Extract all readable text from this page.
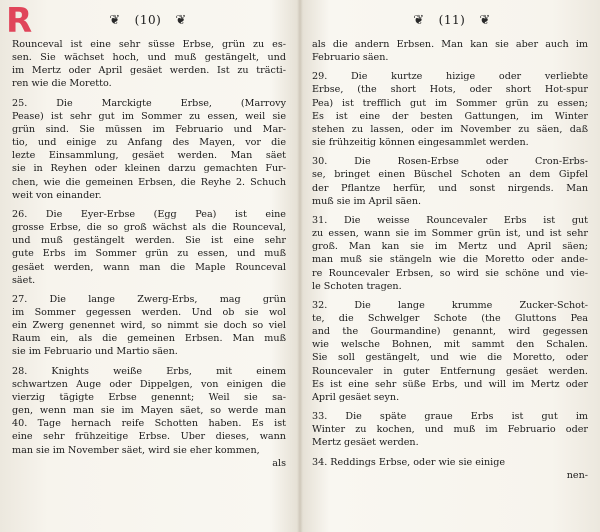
R	❦ (10) ❦
Rounceval ist eine sehr süsse Erbse, grün zu es-
sen. Sie wächset hoch, und muß gestängelt, und
im Mertz oder April gesäet werden. Ist zu träcti-
ren wie die Moretto.
25. Die Marckigte Erbse, (Marrovy
Pease) ist sehr gut im Sommer zu essen, weil sie
grün sind. Sie müssen im Februario und Mar-
tio, und einige zu Anfang des Mayen, vor die
lezte Einsammlung, gesäet werden. Man säet
sie in Reyhen oder kleinen darzu gemachten Fur-
chen, wie die gemeinen Erbsen, die Reyhe 2. Schuch
weit von einander.
26. Die Eyer-Erbse (Egg Pea) ist eine
grosse Erbse, die so groß wächst als die Rounceval,
und muß gestängelt werden. Sie ist eine sehr
gute Erbs im Sommer grün zu essen, und muß
gesäet werden, wann man die Maple Rounceval
säet.
27. Die lange Zwerg-Erbs, mag grün
im Sommer gegessen werden. Und ob sie wol
ein Zwerg genennet wird, so nimmt sie doch so viel
Raum ein, als die gemeinen Erbsen. Man muß
sie im Februario und Martio säen.
28. Knights weiße Erbs, mit einem
schwartzen Auge oder Dippelgen, von einigen die
vierzig tägigte Erbse genennt; Weil sie sa-
gen, wenn man sie im Mayen säet, so werde man
40. Tage hernach reife Schotten haben. Es ist
eine sehr frühzeitige Erbse. Uber dieses, wann
man sie im November säet, wird sie eher kommen,
als
❦ (11) ❦
als die andern Erbsen. Man kan sie aber auch im
Februario säen.
29. Die kurtze hizige oder verliebte
Erbse, (the short Hots, oder short Hot-spur
Pea) ist trefflich gut im Sommer grün zu essen;
Es ist eine der besten Gattungen, im Winter
stehen zu lassen, oder im November zu säen, daß
sie frühzeitig können eingesammlet werden.
30. Die Rosen-Erbse oder Cron-Erbs-
se, bringet einen Büschel Schoten an dem Gipfel
der Pflantze herfür, und sonst nirgends. Man
muß sie im April säen.
31. Die weisse Rouncevaler Erbs ist gut
zu essen, wann sie im Sommer grün ist, und ist sehr
groß. Man kan sie im Mertz und April säen;
man muß sie stängeln wie die Moretto oder ande-
re Rouncevaler Erbsen, so wird sie schöne und vie-
le Schoten tragen.
32. Die lange krumme Zucker-Schot-
te, die Schwelger Schote (the Gluttons Pea
and the Gourmandine) genannt, wird gegessen
wie welsche Bohnen, mit sammt den Schalen.
Sie soll gestängelt, und wie die Moretto, oder
Rouncevaler in guter Entfernung gesäet werden.
Es ist eine sehr süße Erbs, und will im Mertz oder
April gesäet seyn.
33. Die späte graue Erbs ist gut im
Winter zu kochen, und muß im Februario oder
Mertz gesäet werden.
34. Reddings Erbse, oder wie sie einige
nen-
